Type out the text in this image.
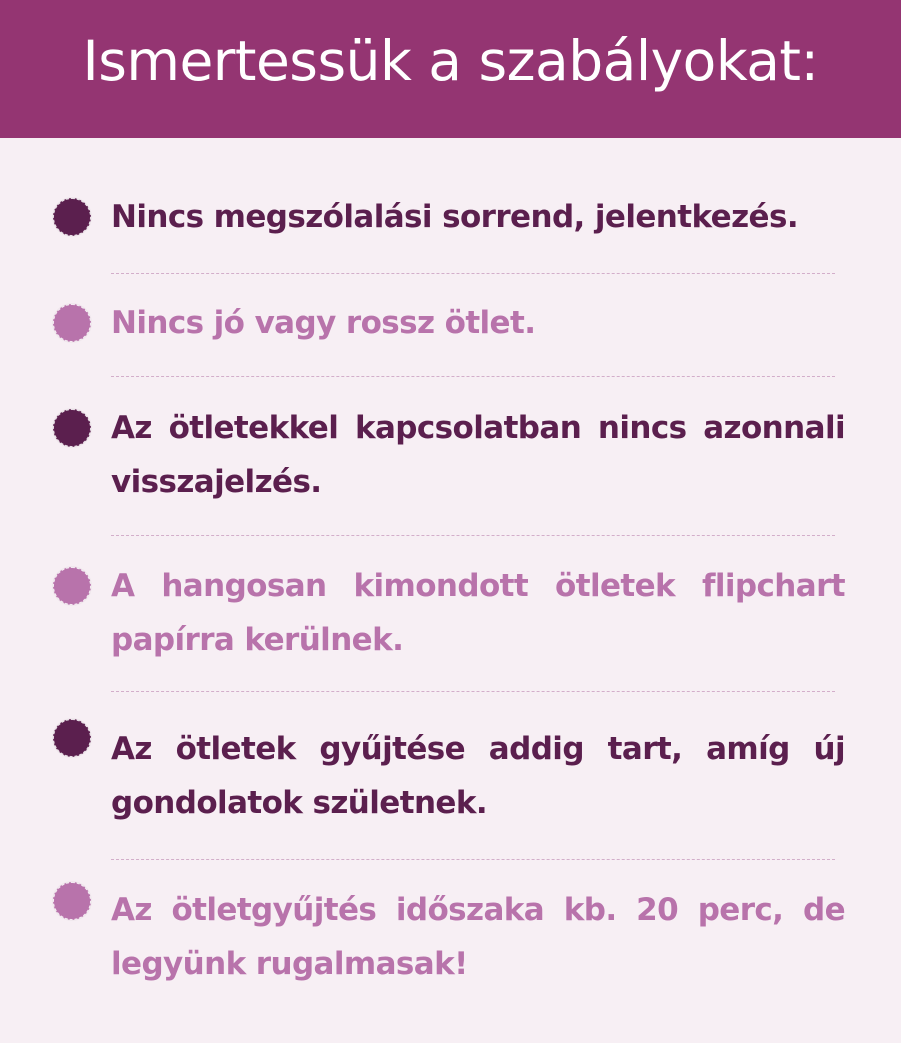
Ismertessük a szabályokat:
Nincs megszólalási sorrend, jelentkezés.
Nincs jó vagy rossz ötlet.
Az ötletekkel kapcsolatban nincs azonnali visszajelzés.
A hangosan kimondott ötletek flipchart papírra kerülnek.
Az ötletek gyűjtése addig tart, amíg új gondolatok születnek.
Az ötletgyűjtés időszaka kb. 20 perc, de legyünk rugalmasak!
